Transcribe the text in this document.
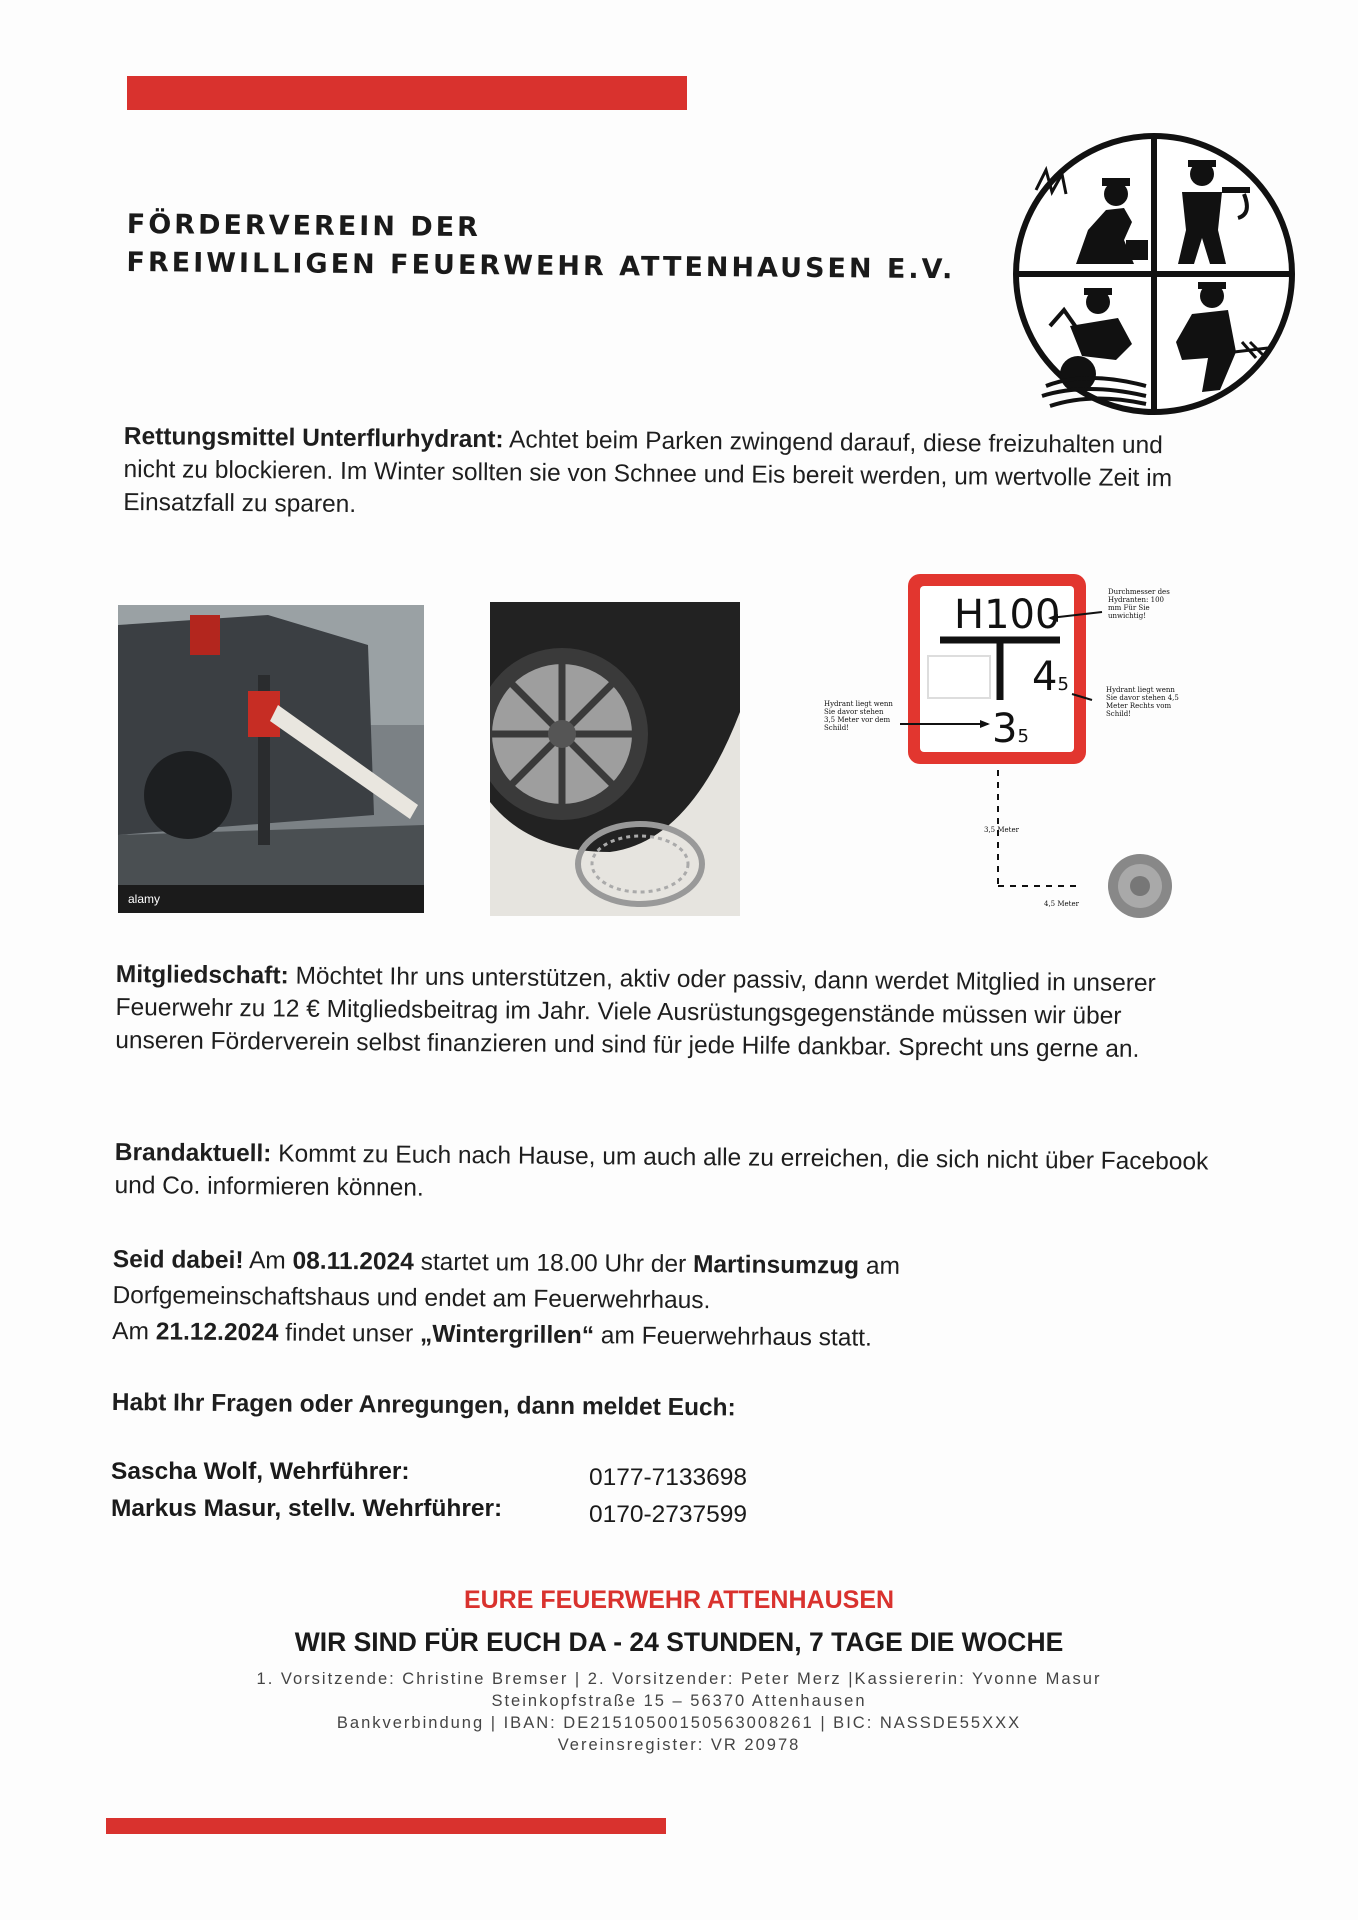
FÖRDERVEREIN DER
FREIWILLIGEN FEUERWEHR ATTENHAUSEN E.V.
Rettungsmittel Unterflurhydrant: Achtet beim Parken zwingend darauf, diese freizuhalten und nicht zu blockieren. Im Winter sollten sie von Schnee und Eis bereit werden, um wertvolle Zeit im Einsatzfall zu sparen.
alamy
H100
45
35
Durchmesser des Hydranten: 100 mm Für Sie unwichtig!
Hydrant liegt wenn Sie davor stehen 4,5 Meter Rechts vom Schild!
Hydrant liegt wenn Sie davor stehen 3,5 Meter vor dem Schild!
3,5 Meter
4,5 Meter
Mitgliedschaft: Möchtet Ihr uns unterstützen, aktiv oder passiv, dann werdet Mitglied in unserer Feuerwehr zu 12 € Mitgliedsbeitrag im Jahr. Viele Ausrüstungsgegenstände müssen wir über unseren Förderverein selbst finanzieren und sind für jede Hilfe dankbar. Sprecht uns gerne an.
Brandaktuell: Kommt zu Euch nach Hause, um auch alle zu erreichen, die sich nicht über Facebook und Co. informieren können.
Seid dabei! Am 08.11.2024 startet um 18.00 Uhr der Martinsumzug am Dorfgemeinschaftshaus und endet am Feuerwehrhaus.
Am 21.12.2024 findet unser „Wintergrillen“ am Feuerwehrhaus statt.
Habt Ihr Fragen oder Anregungen, dann meldet Euch:
Sascha Wolf, Wehrführer:	0177-7133698
Markus Masur, stellv. Wehrführer:	0170-2737599
EURE FEUERWEHR ATTENHAUSEN
WIR SIND FÜR EUCH DA - 24 STUNDEN, 7 TAGE DIE WOCHE
1. Vorsitzende: Christine Bremser | 2. Vorsitzender: Peter Merz |Kassiererin: Yvonne Masur
Steinkopfstraße 15 – 56370 Attenhausen
Bankverbindung | IBAN: DE21510500150563008261 | BIC: NASSDE55XXX
Vereinsregister: VR 20978
